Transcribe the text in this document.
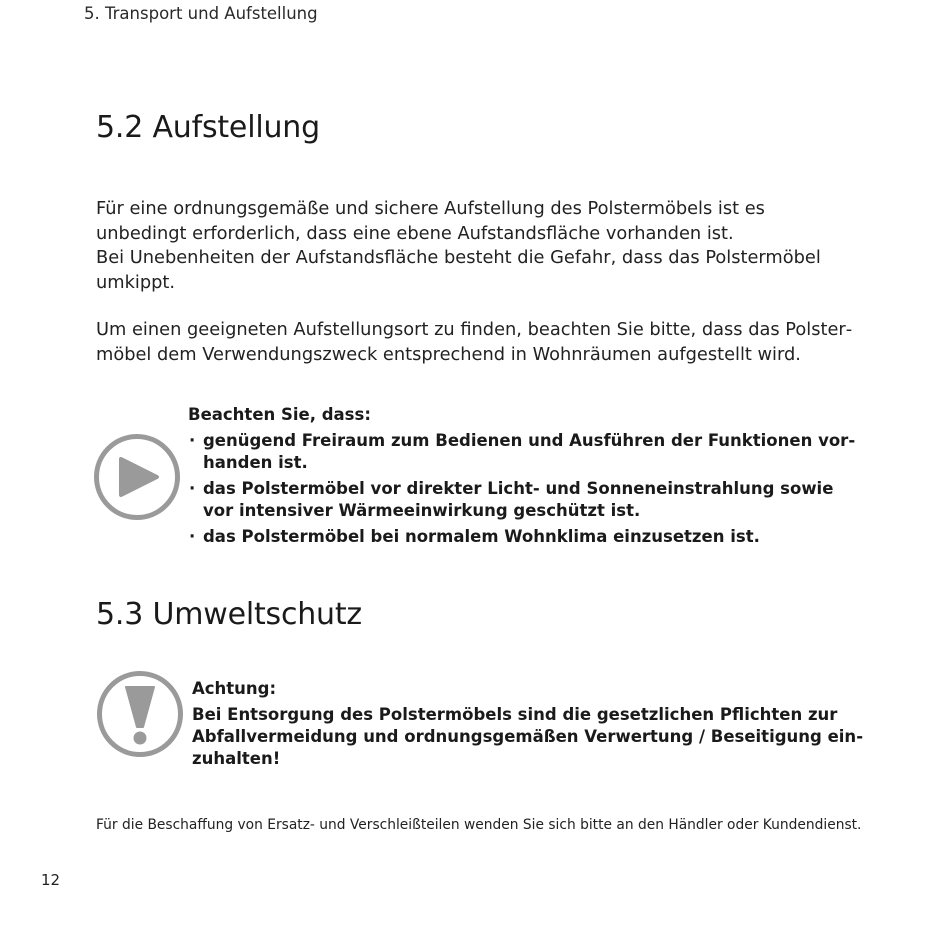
5. Transport und Aufstellung
5.2 Aufstellung

Für eine ordnungsgemäße und sichere Aufstellung des Polstermöbels ist es unbedingt erforderlich, dass eine ebene Aufstandsfläche vorhanden ist.
Bei Unebenheiten der Aufstandsfläche besteht die Gefahr, dass das Polstermöbel umkippt.

Um einen geeigneten Aufstellungsort zu finden, beachten Sie bitte, dass das Polstermöbel dem Verwendungszweck entsprechend in Wohnräumen aufgestellt wird.

Beachten Sie, dass:

· genügend Freiraum zum Bedienen und Ausführen der Funktionen vorhanden ist.
· das Polstermöbel vor direkter Licht- und Sonneneinstrahlung sowie vor intensiver Wärmeeinwirkung geschützt ist.
· das Polstermöbel bei normalem Wohnklima einzusetzen ist.
5.3 Umweltschutz

Achtung:

Bei Entsorgung des Polstermöbels sind die gesetzlichen Pflichten zur Abfallvermeidung und ordnungsgemäßen Verwertung / Beseitigung einzuhalten!

Für die Beschaffung von Ersatz- und Verschleißteilen wenden Sie sich bitte an den Händler oder Kundendienst.

12
